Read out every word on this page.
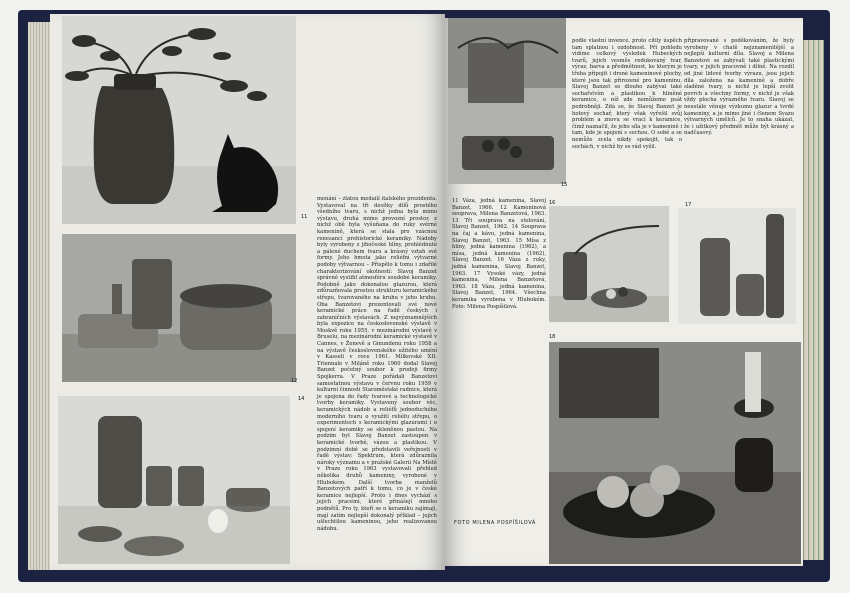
11
12
14
menání – zlatou medailí italského prezidenta. Vystavoval na tři desítky dílů prostého všedního tvaru, s nichž jedna byla mimo výstavu, druhá mimo provozní prostor, z nichž obě byla vyšuňana do ruky svěrné kamenině, která se stala pro vzácnou renesanci prehistorické keramiky. Nádoby byly vyrobeny z jihočeské hlíny, prohlédnuté a pálené duchem tvaru a krásný vztah své formy. Jeho hmota jako reliéfní výtvarné podoby výtvarnou – Přispělo k tomu i zdařilé charakterizování okolností: Slavoj Banzet správně vystihl atmosféru soudobé keramiky. Podobně jako dokonalou glazurou, která zdůrazňovala prostou strukturu keramického střepu, tvarovaného na kruhu v jeho kruhu. Oba Banzetovi prezentovali své nové keramické práce na řadě českých i zahraničních výstavách. Z nejvýznamnějších byla expozice na československé výstavě v Moskvě roku 1955, v mezinárodní výstavě v Bruselu, na mezinárodní keramické výstavě v Cannes, v Ženevě a Gmundenu roku 1958 a na výstavě československého užitého umění v Kasseli v roce 1961. Mílkovské XII. Triennale v Miláně roku 1960 dodal Slavoj Banzet početný soubor k prodeji firmy Spojkerra. V Praze pořádali Banzetovi samostatnou výstavu v červnu roku 1959 v kulturní činnosti Staroměstské radnice, která je spojena do řady tvarové a technologické tvorby keramiky. Vystavený soubor věc, keramických nádob a reliéfů jednoduchého moderního tvaru o využití reliéfu střepu, o experimentech s keramickými glazurami i o spojení keramiky se skleněnou pastou. Na podzim byl Slavoj Banzet zastoupen v keramické tvorbě, vázou a plastikou. V podzimní době se představili veřejnosti v řadě výstav: Spektrum, která zdůraznila nároky významu a v pražské Galerii Na Místě v Praze roku 1963 vystavovali přehled několika druhů kameniny, vyrobené v Hlubokém. Další tvorba manželů Banzetových patří k tomu, co je v české keramice nejlepší. Proto i dnes vychází s jejich pracemi, které přinášejí mnoho podnětů. Pro ty, kteří se o keramiku zajímají, mají zatím nejlepší dokonalý příklad – jejich ušlechtilou kameninou, jeho realizovanou nádobu.
15
podle vlastní invence, proto cítily úspěch tam splatnou i ozdobnost. Při pohledu vidíme celkový výsledek Hubeckých tvarů, jejich vesměs redukovaný tvar, výraz, barva a předmětnost, ke kterým je třeba připojit i drsné kameninové plochy, které jsou tak přirozené pro kameninu. Slavoj Banzet se dlouho zabýval také sochařstvím a plastikou k hliněné keramice, o níž zde nemůžeme psát podrobněji. Zdá se, že Slavoj Banzet je hotový sochař, který však vyřešil svůj problém a znovu se vrací k keramice, čímž naznačil, že jeho síla je v kamenině i tam, kde je spojení s sochou. O sobě a se nemůže zcela nikdy spokojit, tak o sochách, v nichž by se rád vyžil.
připravované s poděkováním, že byly vyrobeny v chatě nejznamenitější a nejlepší kulturní díla. Slavoj a Milena Banzetovi se zabývali také plastickými tvary, v jejich pracovně i dílně. Na rozdíl od jiné lidové tvorby výrazu, jsou jejich díla založena na kamenině a dobře sladěné tvary, u nichž je lepší zvolit povrch a všechny formy, v nichž je však vždy plocha výrazného tvaru. Slavoj se neustále věnuje výzkumu glazur a tvrdé kameniny, a je mimo jiné i členem Svazu výtvarných umělců. Je to snaha ukázat, že i užitkový předmět může být krásný a nadčasový.
11 Váza, jedná kamenina, Slavoj Banzet, 1966. 12 Kameninová souprava, Milena Banzetová, 1963. 13 Tři souprava na stolování, Slavoj Banzet, 1962. 14 Souprava na čaj a kávu, jedná kamenina, Slavoj Banzet, 1963. 15 Mísa z hlíny, jedná kamenina (1962), a mísa, jedná kamenina (1962), Slavoj Banzet. 16 Váza z ruky, jedná kamenina, Slavoj Banzet, 1963. 17 Vysoké vázy, jedná kamenina, Milena Banzetová, 1963. 18 Váza, jedná kamenina, Slavoj Banzet, 1964. Všechna keramika vyrobena v Hlubokém. Foto: Milena Pospíšilová.
16	17
18
FOTO MILENA POSPÍŠILOVÁ
